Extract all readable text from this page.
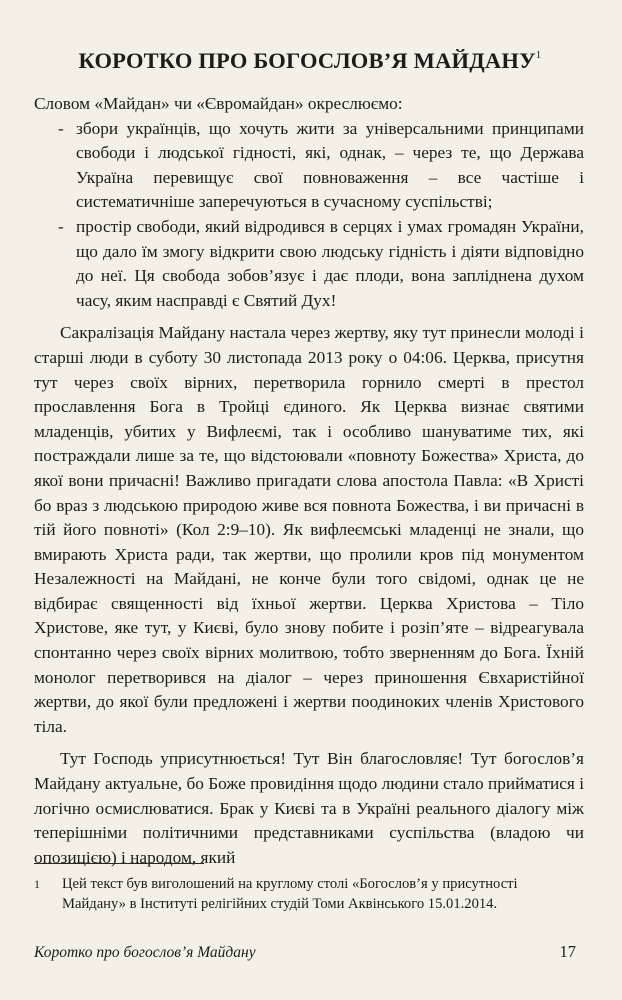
КОРОТКО ПРО БОГОСЛОВ’Я МАЙДАНУ$^1$

Словом «Майдан» чи «Євромайдан» окреслюємо:

- збори українців, що хочуть жити за універсальними принципами свободи і людської гідності, які, однак, – через те, що Держава Україна перевищує свої повноваження – все частіше і систематичніше заперечуються в сучасному суспільстві;
- простір свободи, який відродився в серцях і умах громадян України, що дало їм змогу відкрити свою людську гідність і діяти відповідно до неї. Ця свобода зобов’язує і дає плоди, вона запліднена духом часу, яким насправді є Святий Дух!

Сакралізація Майдану настала через жертву, яку тут принесли молоді і старші люди в суботу 30 листопада 2013 року о 04:06. Церква, присутня тут через своїх вірних, перетворила горнило смерті в престол прославлення Бога в Тройці єдиного. Як Церква визнає святими младенців, убитих у Вифлеємі, так і особливо шануватиме тих, які постраждали лише за те, що відстоювали «повноту Божества» Христа, до якої вони причасні! Важливо пригадати слова апостола Павла: «В Христі бо враз з людською природою живе вся повнота Божества, і ви причасні в тій його повноті» (Кол 2:9–10). Як вифлеємські младенці не знали, що вмирають Христа ради, так жертви, що пролили кров під монументом Незалежності на Майдані, не конче були того свідомі, однак це не відбирає священності від їхньої жертви. Церква Христова – Тіло Христове, яке тут, у Києві, було знову побите і розіп’яте – відреагувала спонтанно через своїх вірних молитвою, тобто зверненням до Бога. Їхній монолог перетворився на діалог – через приношення Євхаристійної жертви, до якої були предложені і жертви поодиноких членів Христового тіла.

Тут Господь уприсутнюється! Тут Він благословляє! Тут богослов’я Майдану актуальне, бо Боже провидіння щодо людини стало прийматися і логічно осмислюватися. Брак у Києві та в Україні реального діалогу між теперішніми політичними представниками суспільства (владою чи опозицією) і народом, який

1	Цей текст був виголошений на круглому столі «Богослов’я у присутності Майдану» в Інституті релігійних студій Томи Аквінського 15.01.2014.
Коротко про богослов’я Майдану	17
